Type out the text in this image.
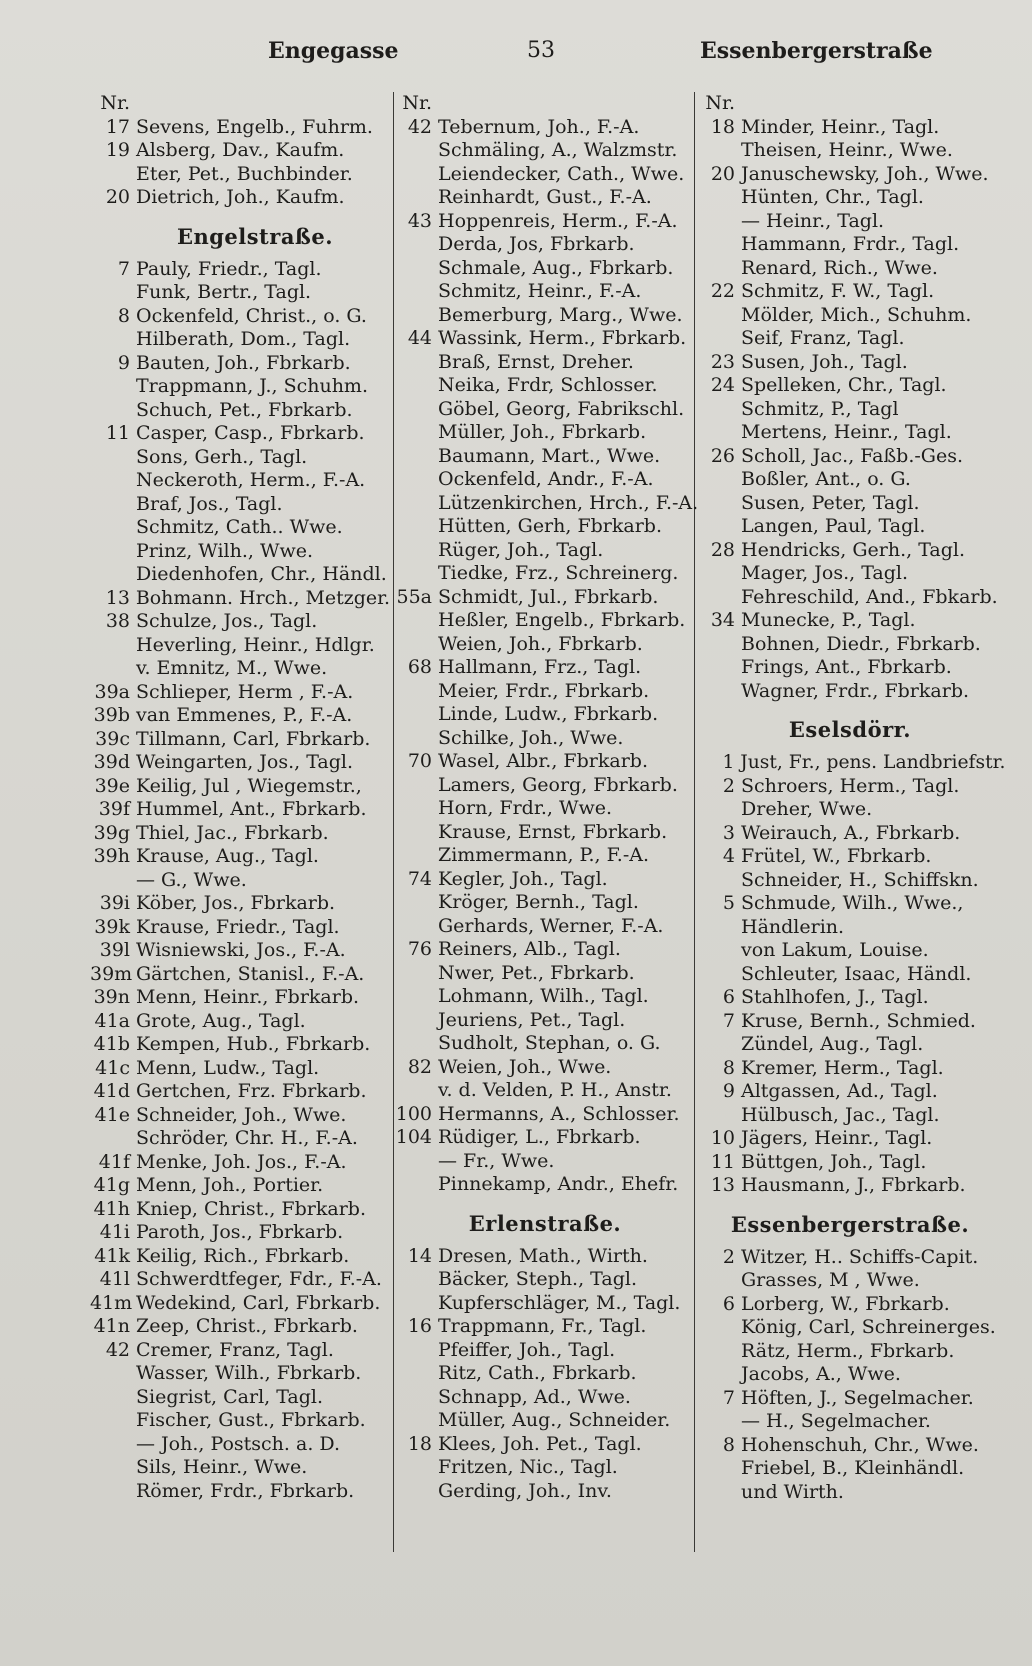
Engegasse	53	Essenbergerstraße
Nr.
17 Sevens, Engelb., Fuhrm.
19 Alsberg, Dav., Kaufm.
Eter, Pet., Buchbinder.
20 Dietrich, Joh., Kaufm.
Engelstraße.
7 Pauly, Friedr., Tagl.
Funk, Bertr., Tagl.
8 Ockenfeld, Christ., o. G.
Hilberath, Dom., Tagl.
9 Bauten, Joh., Fbrkarb.
Trappmann, J., Schuhm.
Schuch, Pet., Fbrkarb.
11 Casper, Casp., Fbrkarb.
Sons, Gerh., Tagl.
Neckeroth, Herm., F.-A.
Braf, Jos., Tagl.
Schmitz, Cath.. Wwe.
Prinz, Wilh., Wwe.
Diedenhofen, Chr., Händl.
13 Bohmann. Hrch., Metzger.
38 Schulze, Jos., Tagl.
Heverling, Heinr., Hdlgr.
v. Emnitz, M., Wwe.
39a Schlieper, Herm , F.-A.
39b van Emmenes, P., F.-A.
39c Tillmann, Carl, Fbrkarb.
39d Weingarten, Jos., Tagl.
39e Keilig, Jul , Wiegemstr.,
39f Hummel, Ant., Fbrkarb.
39g Thiel, Jac., Fbrkarb.
39h Krause, Aug., Tagl.
— G., Wwe.
39i Köber, Jos., Fbrkarb.
39k Krause, Friedr., Tagl.
39l Wisniewski, Jos., F.-A.
39m Gärtchen, Stanisl., F.-A.
39n Menn, Heinr., Fbrkarb.
41a Grote, Aug., Tagl.
41b Kempen, Hub., Fbrkarb.
41c Menn, Ludw., Tagl.
41d Gertchen, Frz. Fbrkarb.
41e Schneider, Joh., Wwe.
Schröder, Chr. H., F.-A.
41f Menke, Joh. Jos., F.-A.
41g Menn, Joh., Portier.
41h Kniep, Christ., Fbrkarb.
41i Paroth, Jos., Fbrkarb.
41k Keilig, Rich., Fbrkarb.
41l Schwerdtfeger, Fdr., F.-A.
41m Wedekind, Carl, Fbrkarb.
41n Zeep, Christ., Fbrkarb.
42 Cremer, Franz, Tagl.
Wasser, Wilh., Fbrkarb.
Siegrist, Carl, Tagl.
Fischer, Gust., Fbrkarb.
— Joh., Postsch. a. D.
Sils, Heinr., Wwe.
Römer, Frdr., Fbrkarb.
Nr.
42 Tebernum, Joh., F.-A.
Schmäling, A., Walzmstr.
Leiendecker, Cath., Wwe.
Reinhardt, Gust., F.-A.
43 Hoppenreis, Herm., F.-A.
Derda, Jos, Fbrkarb.
Schmale, Aug., Fbrkarb.
Schmitz, Heinr., F.-A.
Bemerburg, Marg., Wwe.
44 Wassink, Herm., Fbrkarb.
Braß, Ernst, Dreher.
Neika, Frdr, Schlosser.
Göbel, Georg, Fabrikschl.
Müller, Joh., Fbrkarb.
Baumann, Mart., Wwe.
Ockenfeld, Andr., F.-A.
Lützenkirchen, Hrch., F.-A.
Hütten, Gerh, Fbrkarb.
Rüger, Joh., Tagl.
Tiedke, Frz., Schreinerg.
55a Schmidt, Jul., Fbrkarb.
Heßler, Engelb., Fbrkarb.
Weien, Joh., Fbrkarb.
68 Hallmann, Frz., Tagl.
Meier, Frdr., Fbrkarb.
Linde, Ludw., Fbrkarb.
Schilke, Joh., Wwe.
70 Wasel, Albr., Fbrkarb.
Lamers, Georg, Fbrkarb.
Horn, Frdr., Wwe.
Krause, Ernst, Fbrkarb.
Zimmermann, P., F.-A.
74 Kegler, Joh., Tagl.
Kröger, Bernh., Tagl.
Gerhards, Werner, F.-A.
76 Reiners, Alb., Tagl.
Nwer, Pet., Fbrkarb.
Lohmann, Wilh., Tagl.
Jeuriens, Pet., Tagl.
Sudholt, Stephan, o. G.
82 Weien, Joh., Wwe.
v. d. Velden, P. H., Anstr.
100 Hermanns, A., Schlosser.
104 Rüdiger, L., Fbrkarb.
— Fr., Wwe.
Pinnekamp, Andr., Ehefr.
Erlenstraße.
14 Dresen, Math., Wirth.
Bäcker, Steph., Tagl.
Kupferschläger, M., Tagl.
16 Trappmann, Fr., Tagl.
Pfeiffer, Joh., Tagl.
Ritz, Cath., Fbrkarb.
Schnapp, Ad., Wwe.
Müller, Aug., Schneider.
18 Klees, Joh. Pet., Tagl.
Fritzen, Nic., Tagl.
Gerding, Joh., Inv.
Nr.
18 Minder, Heinr., Tagl.
Theisen, Heinr., Wwe.
20 Januschewsky, Joh., Wwe.
Hünten, Chr., Tagl.
— Heinr., Tagl.
Hammann, Frdr., Tagl.
Renard, Rich., Wwe.
22 Schmitz, F. W., Tagl.
Mölder, Mich., Schuhm.
Seif, Franz, Tagl.
23 Susen, Joh., Tagl.
24 Spelleken, Chr., Tagl.
Schmitz, P., Tagl
Mertens, Heinr., Tagl.
26 Scholl, Jac., Faßb.-Ges.
Boßler, Ant., o. G.
Susen, Peter, Tagl.
Langen, Paul, Tagl.
28 Hendricks, Gerh., Tagl.
Mager, Jos., Tagl.
Fehreschild, And., Fbkarb.
34 Munecke, P., Tagl.
Bohnen, Diedr., Fbrkarb.
Frings, Ant., Fbrkarb.
Wagner, Frdr., Fbrkarb.
Eselsdörr.
1 Just, Fr., pens. Landbriefstr.
2 Schroers, Herm., Tagl.
Dreher, Wwe.
3 Weirauch, A., Fbrkarb.
4 Frütel, W., Fbrkarb.
Schneider, H., Schiffskn.
5 Schmude, Wilh., Wwe.,
Händlerin.
von Lakum, Louise.
Schleuter, Isaac, Händl.
6 Stahlhofen, J., Tagl.
7 Kruse, Bernh., Schmied.
Zündel, Aug., Tagl.
8 Kremer, Herm., Tagl.
9 Altgassen, Ad., Tagl.
Hülbusch, Jac., Tagl.
10 Jägers, Heinr., Tagl.
11 Büttgen, Joh., Tagl.
13 Hausmann, J., Fbrkarb.
Essenbergerstraße.
2 Witzer, H.. Schiffs-Capit.
Grasses, M , Wwe.
6 Lorberg, W., Fbrkarb.
König, Carl, Schreinerges.
Rätz, Herm., Fbrkarb.
Jacobs, A., Wwe.
7 Höften, J., Segelmacher.
— H., Segelmacher.
8 Hohenschuh, Chr., Wwe.
Friebel, B., Kleinhändl.
und Wirth.
